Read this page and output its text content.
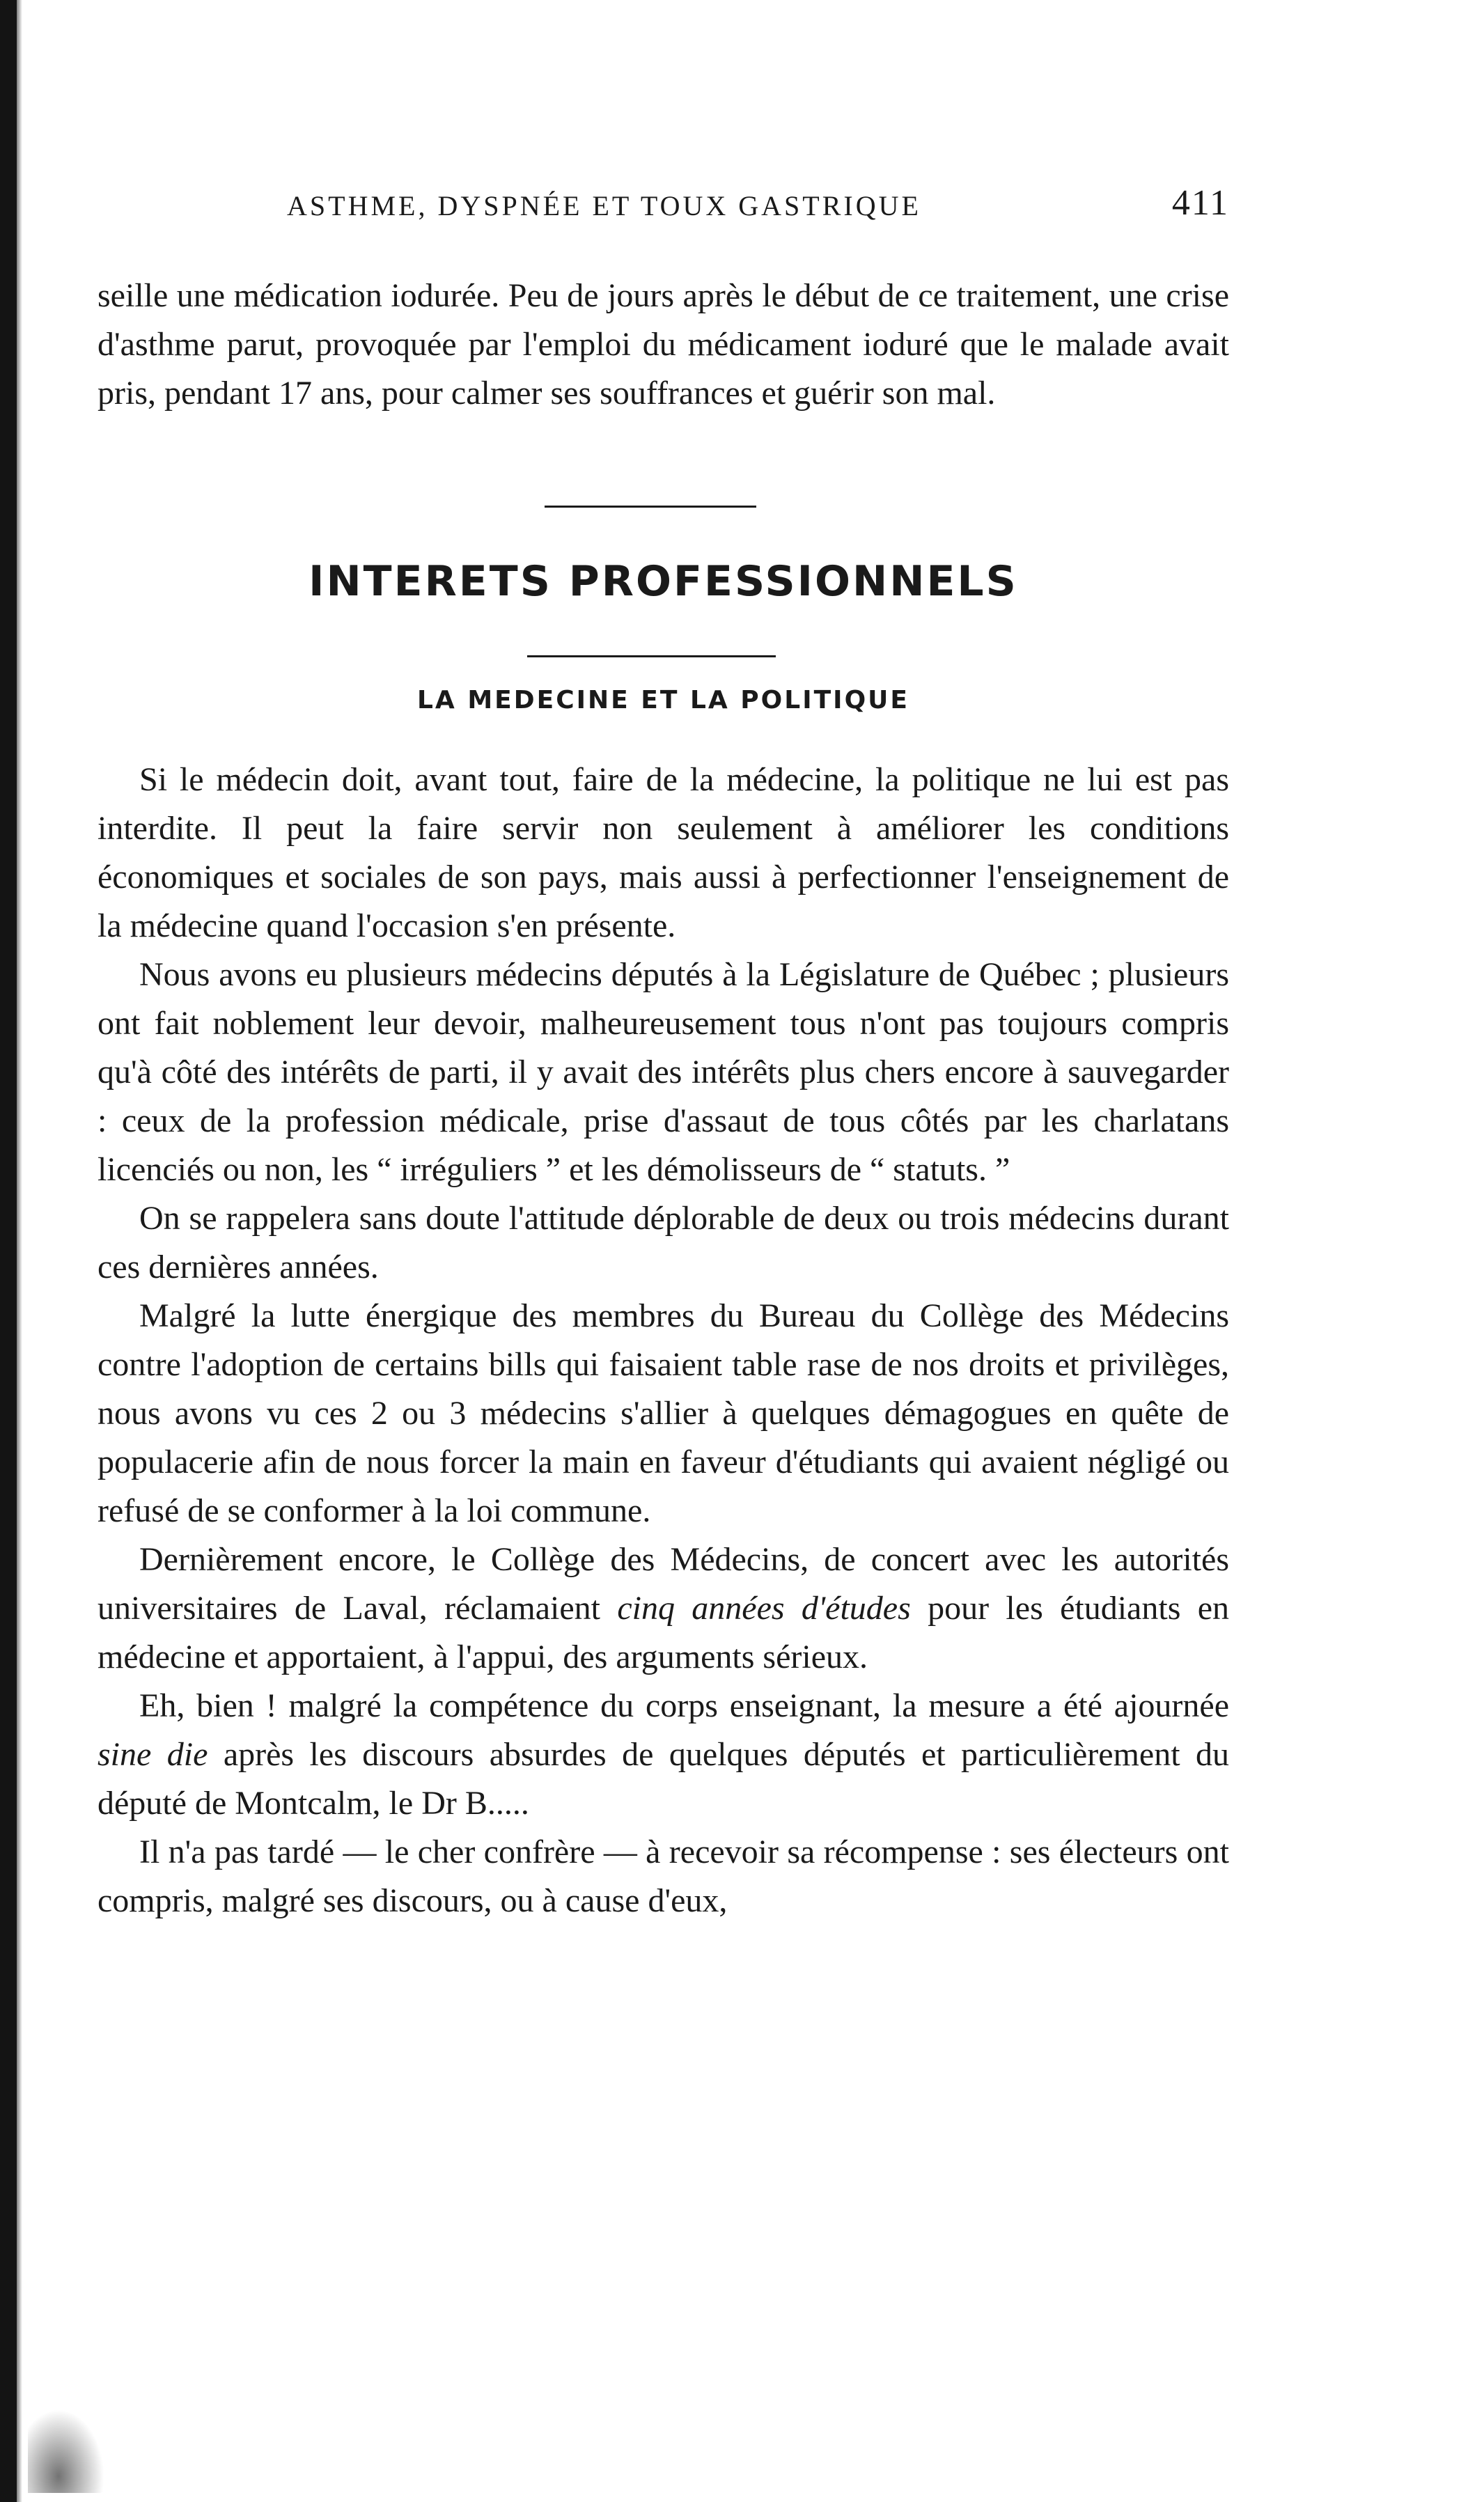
ASTHME, DYSPNÉE ET TOUX GASTRIQUE	411

seille une médication iodurée. Peu de jours après le début de ce traitement, une crise d'asthme parut, provoquée par l'emploi du médicament ioduré que le malade avait pris, pendant 17 ans, pour calmer ses souffrances et guérir son mal.

INTERETS PROFESSIONNELS
LA MEDECINE ET LA POLITIQUE

Si le médecin doit, avant tout, faire de la médecine, la politique ne lui est pas interdite. Il peut la faire servir non seulement à améliorer les conditions économiques et sociales de son pays, mais aussi à perfectionner l'enseignement de la médecine quand l'occasion s'en présente.

Nous avons eu plusieurs médecins députés à la Législature de Québec ; plusieurs ont fait noblement leur devoir, malheureusement tous n'ont pas toujours compris qu'à côté des intérêts de parti, il y avait des intérêts plus chers encore à sauvegarder : ceux de la profession médicale, prise d'assaut de tous côtés par les charlatans licenciés ou non, les “ irréguliers ” et les démolisseurs de “ statuts. ”

On se rappelera sans doute l'attitude déplorable de deux ou trois médecins durant ces dernières années.

Malgré la lutte énergique des membres du Bureau du Collège des Médecins contre l'adoption de certains bills qui faisaient table rase de nos droits et privilèges, nous avons vu ces 2 ou 3 médecins s'allier à quelques démagogues en quête de populacerie afin de nous forcer la main en faveur d'étudiants qui avaient négligé ou refusé de se conformer à la loi commune.

Dernièrement encore, le Collège des Médecins, de concert avec les autorités universitaires de Laval, réclamaient cinq années d'études pour les étudiants en médecine et apportaient, à l'appui, des arguments sérieux.

Eh, bien ! malgré la compétence du corps enseignant, la mesure a été ajournée sine die après les discours absurdes de quelques députés et particulièrement du député de Montcalm, le Dr B.....

Il n'a pas tardé — le cher confrère — à recevoir sa récompense : ses électeurs ont compris, malgré ses discours, ou à cause d'eux,
